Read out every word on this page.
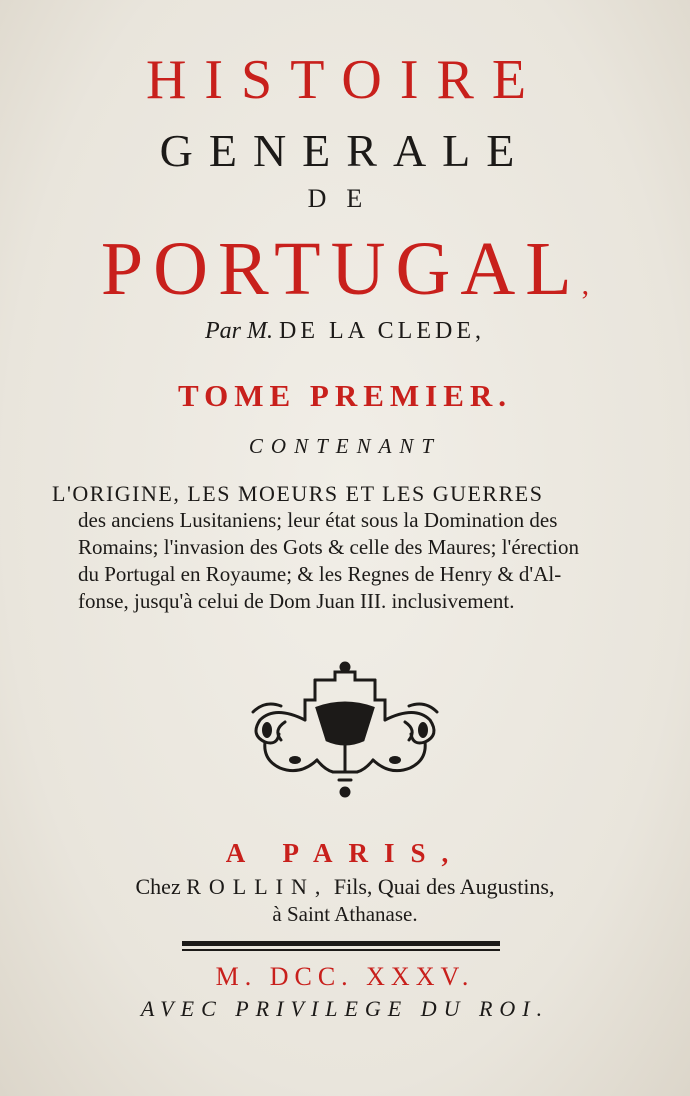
HISTOIRE
GENERALE
DE
PORTUGAL,
Par M. DE LA CLEDE,
TOME PREMIER.
CONTENANT
L'ORIGINE, LES MOEURS ET LES GUERRES
des anciens Lusitaniens; leur état sous la Domination des
Romains; l'invasion des Gots & celle des Maures; l'érection
du Portugal en Royaume; & les Regnes de Henry & d'Al-
fonse, jusqu'à celui de Dom Juan III. inclusivement.
A PARIS,
Chez ROLLIN, Fils, Quai des Augustins,
à Saint Athanase.
M. DCC. XXXV.
AVEC PRIVILEGE DU ROI.
